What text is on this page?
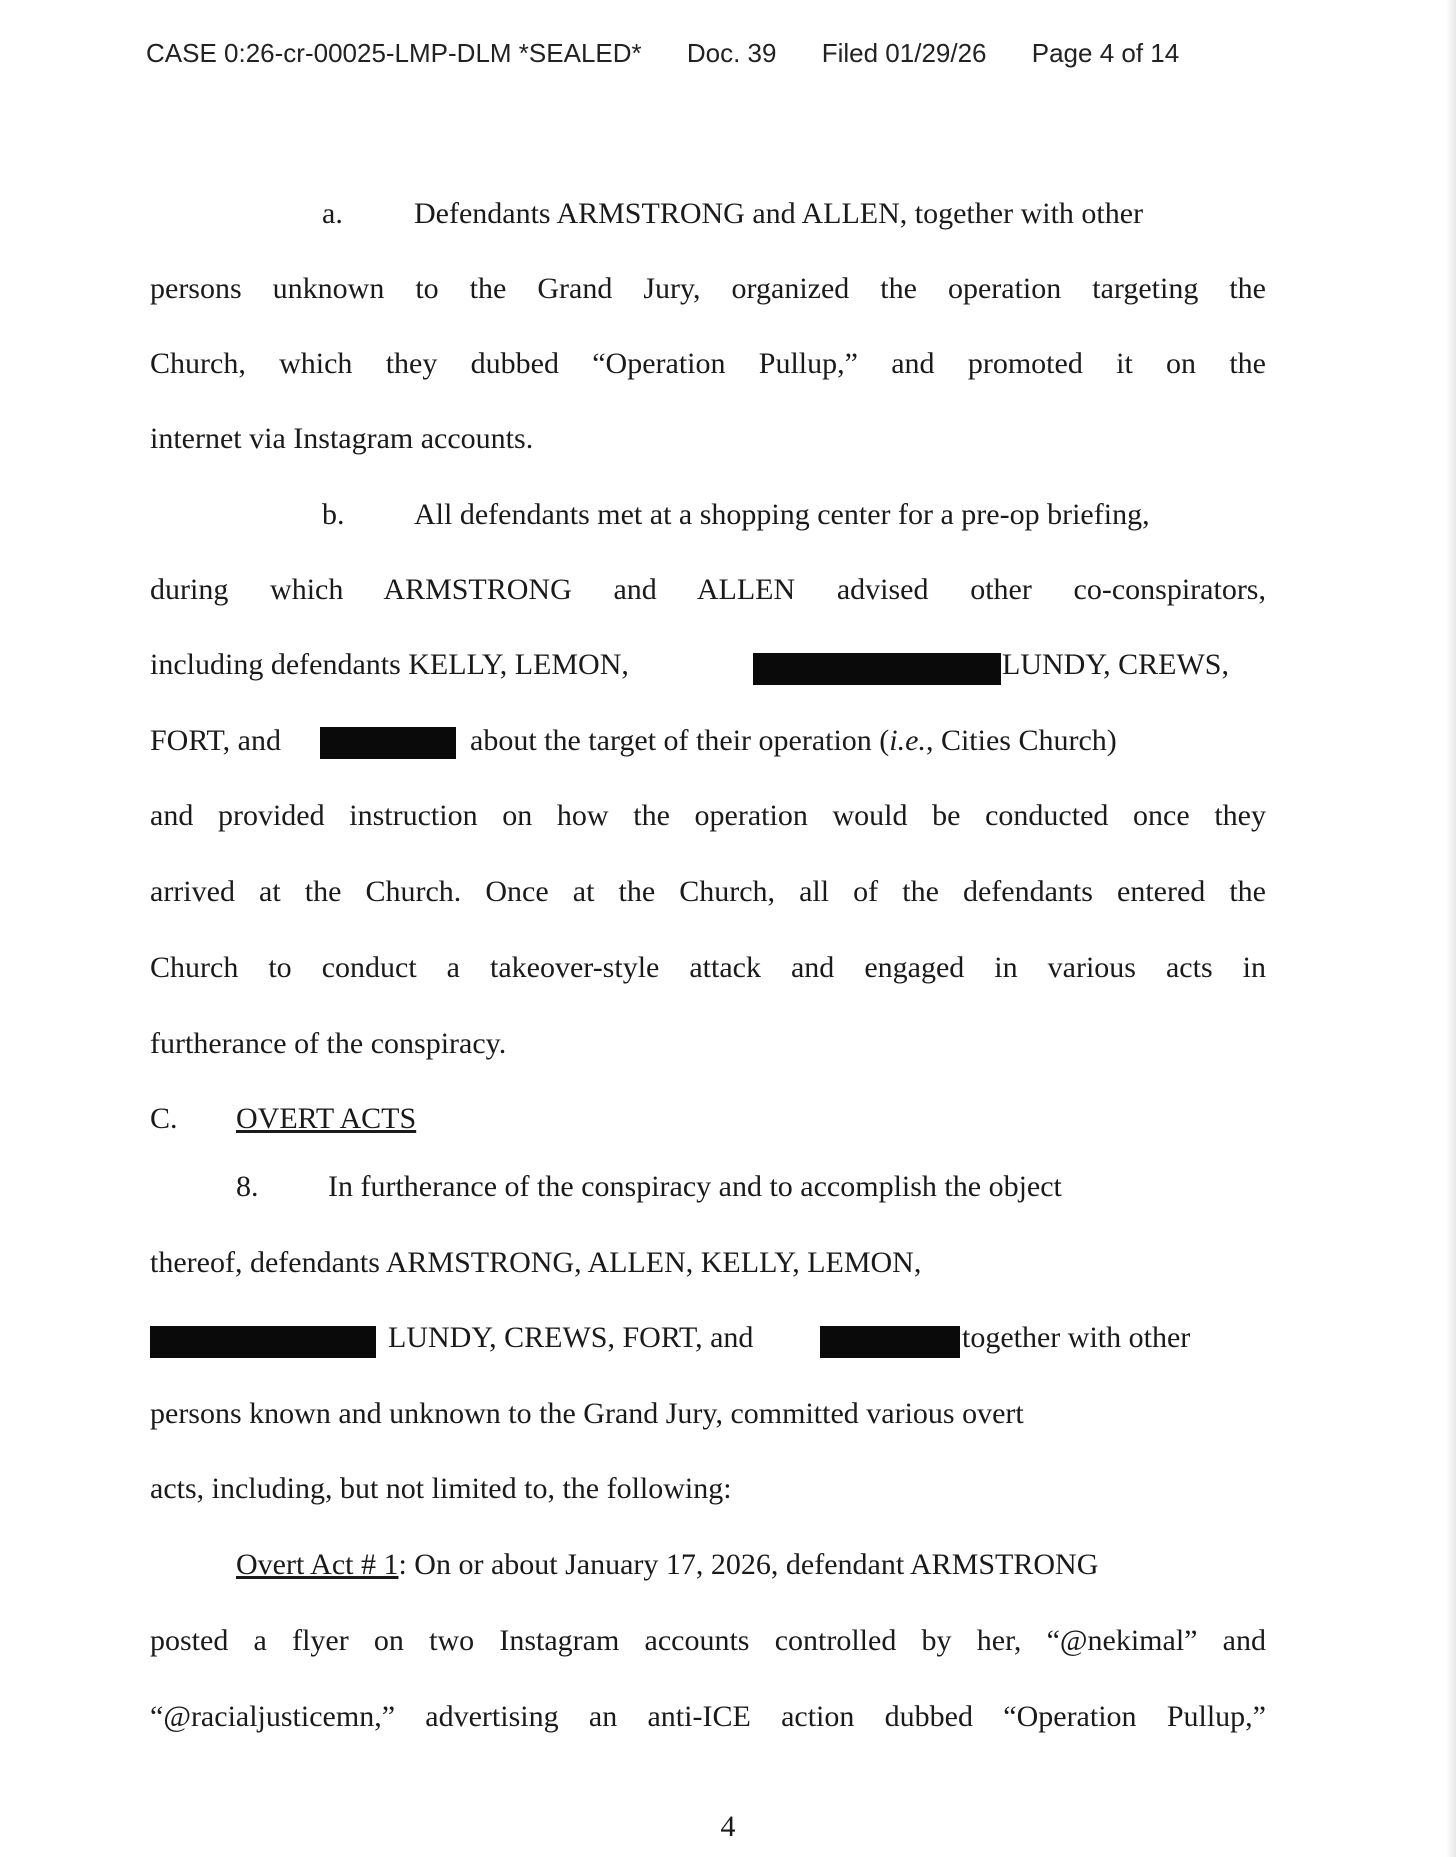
CASE 0:26-cr-00025-LMP-DLM *SEALED* Doc. 39 Filed 01/29/26 Page 4 of 14
a. Defendants ARMSTRONG and ALLEN, together with other
persons unknown to the Grand Jury, organized the operation targeting the
Church, which they dubbed “Operation Pullup,” and promoted it on the
internet via Instagram accounts.
b. All defendants met at a shopping center for a pre-op briefing,
during which ARMSTRONG and ALLEN advised other co-conspirators,
including defendants KELLY, LEMON,	LUNDY, CREWS,
FORT, and	about the target of their operation (i.e., Cities Church)
and provided instruction on how the operation would be conducted once they
arrived at the Church. Once at the Church, all of the defendants entered the
Church to conduct a takeover-style attack and engaged in various acts in
furtherance of the conspiracy.
C. OVERT ACTS
8. In furtherance of the conspiracy and to accomplish the object
thereof, defendants ARMSTRONG, ALLEN, KELLY, LEMON,
LUNDY, CREWS, FORT, and	together with other
persons known and unknown to the Grand Jury, committed various overt
acts, including, but not limited to, the following:
Overt Act # 1: On or about January 17, 2026, defendant ARMSTRONG
posted a flyer on two Instagram accounts controlled by her, “@nekimal” and
“@racialjusticemn,” advertising an anti-ICE action dubbed “Operation Pullup,”
4
